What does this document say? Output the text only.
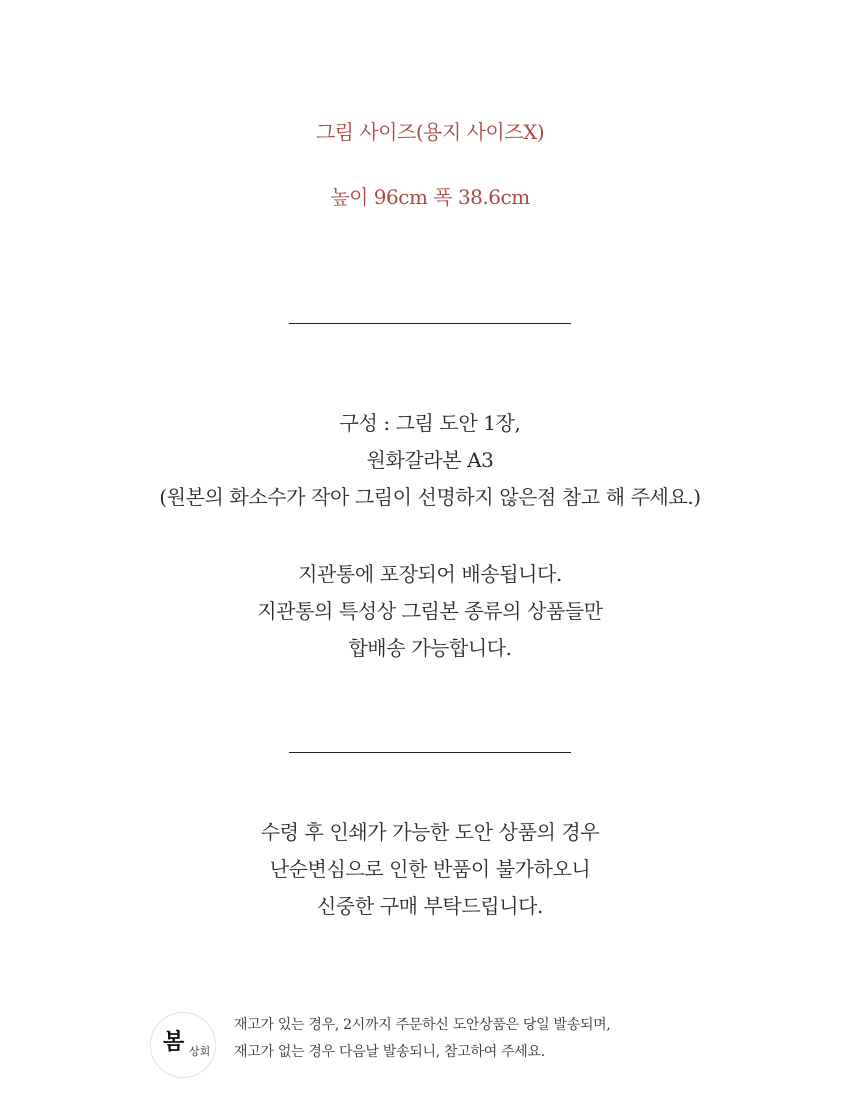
그림 사이즈(용지 사이즈X)
높이 96cm 폭 38.6cm
구성 : 그림 도안 1장,
원화갈라본 A3
(원본의 화소수가 작아 그림이 선명하지 않은점 참고 해 주세요.)
지관통에 포장되어 배송됩니다.
지관통의 특성상 그림본 종류의 상품들만
합배송 가능합니다.
수령 후 인쇄가 가능한 도안 상품의 경우
난순변심으로 인한 반품이 불가하오니
신중한 구매 부탁드립니다.
봄 상회
재고가 있는 경우, 2시까지 주문하신 도안상품은 당일 발송되며,
재고가 없는 경우 다음날 발송되니, 참고하여 주세요.
